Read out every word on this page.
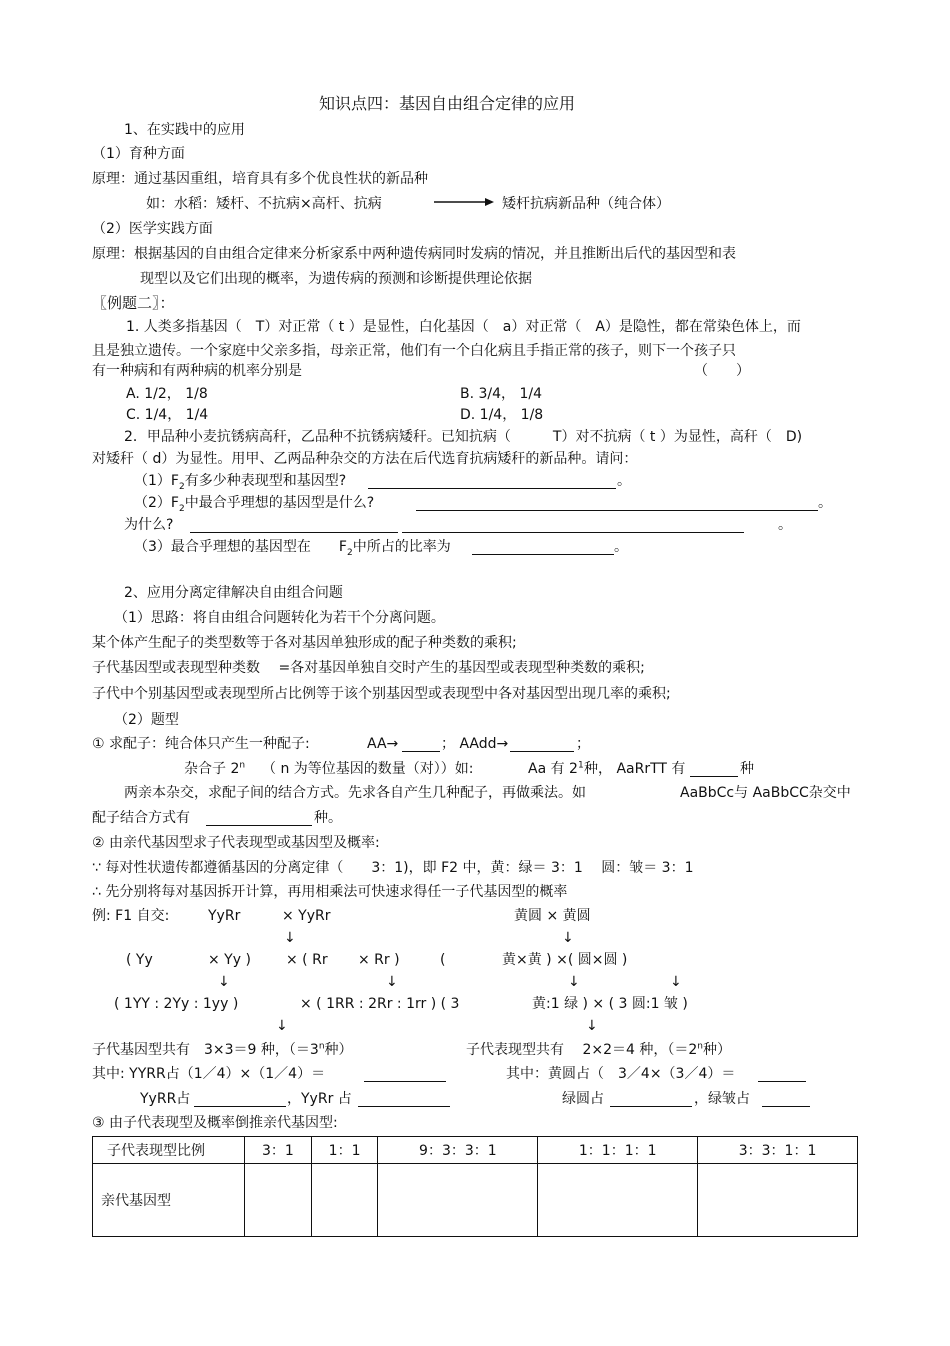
知识点四：基因自由组合定律的应用
1、在实践中的应用
（1）育种方面
原理：通过基因重组，培育具有多个优良性状的新品种
如：水稻：矮杆、不抗病×高杆、抗病	矮杆抗病新品种（纯合体）
（2）医学实践方面
原理：根据基因的自由组合定律来分析家系中两种遗传病同时发病的情况，并且推断出后代的基因型和表
现型以及它们出现的概率，为遗传病的预测和诊断提供理论依据
〖例题二〗：
1. 人类多指基因（　T）对正常（ t ）是显性，白化基因（　a）对正常（　A）是隐性，都在常染色体上，而
且是独立遗传。一个家庭中父亲多指，母亲正常，他们有一个白化病且手指正常的孩子，则下一个孩子只
有一种病和有两种病的机率分别是	（　　）
A. 1/2， 1/8	B. 3/4， 1/4
C. 1/4， 1/4	D. 1/4， 1/8
2．甲品种小麦抗锈病高秆，乙品种不抗锈病矮秆。已知抗病（　　　T）对不抗病（ t ）为显性，高秆（　D)
对矮秆（ d）为显性。用甲、乙两品种杂交的方法在后代选育抗病矮秆的新品种。请问：
$(1)F_2$有多少种表现型和基因型?	。
$(2)F_2$中最合乎理想的基因型是什么?	。
为什么?	。
（3）最合乎理想的基因型在　　$F_2$中所占的比率为	。
2、应用分离定律解决自由组合问题
（1）思路：将自由组合问题转化为若干个分离问题。
某个体产生配子的类型数等于各对基因单独形成的配子种类数的乘积;
子代基因型或表现型种类数　 =各对基因单独自交时产生的基因型或表现型种类数的乘积;
子代中个别基因型或表现型所占比例等于该个别基因型或表现型中各对基因型出现几率的乘积;
（2）题型
① 求配子：纯合体只产生一种配子:	AA→	； AAdd→	；
杂合子 2$^n$ （ n 为等位基因的数量（对））如:	Aa 有 $2^1$ 种， AaRrTT 有	种
两亲本杂交，求配子间的结合方式。先求各自产生几种配子，再做乘法。如	AaBbCc与 AaBbCC杂交中
配子结合方式有	种。
② 由亲代基因型求子代表现型或基因型及概率:
∵ 每对性状遗传都遵循基因的分离定律（　　3：1)，即 F2 中，黄：绿＝ 3：1　 圆：皱＝ 3：1
∴ 先分别将每对基因拆开计算，再用相乘法可快速求得任一子代基因型的概率
例: F1 自交:	YyRr	× YyRr	黄圆 × 黄圆
↓	↓
( Yy	× Yy )	× ( Rr × Rr )	(	黄×黄 ) ×( 圆×圆 )
↓	↓	↓	↓
( 1YY : 2Yy : 1yy )	× ( 1RR : 2Rr : 1rr ) ( 3	黄:1 绿 ) × ( 3 圆:1 皱 )
↓	↓
子代基因型共有　3×3＝9 种，（$=3^n$种）	子代表现型共有　 2×2＝4 种，（$=2^n$种）
其中: YYRR占（1／4）×（1／4）＝	其中：黄圆占（　3／4×（3／4）＝
YyRR占	，YyRr 占	绿圆占	，绿皱占
③ 由子代表现型及概率倒推亲代基因型:
子代表现型比例	3：1	1：1	9：3：3：1	1：1：1：1	3：3：1：1
亲代基因型					
